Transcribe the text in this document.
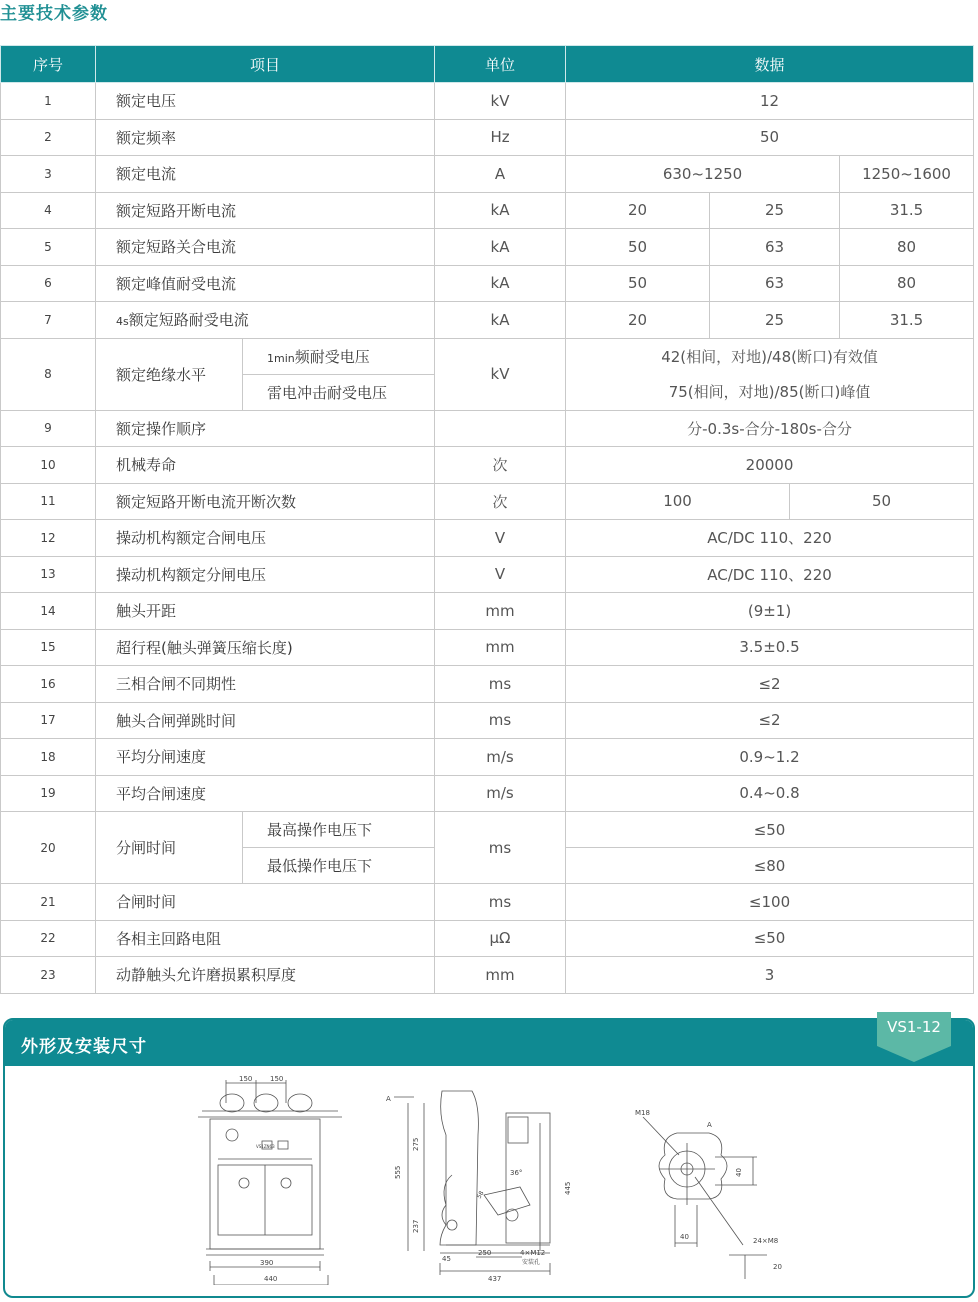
主要技术参数
序号	项目		单位	数据			
1	额定电压		kV	12			
2	额定频率		Hz	50			
3	额定电流		A	630~1250			1250~1600
4	额定短路开断电流		kA	20	25		31.5
5	额定短路关合电流		kA	50	63		80
6	额定峰值耐受电流		kA	50	63		80
7	4s额定短路耐受电流		kA	20	25		31.5
8	额定绝缘水平	1min频耐受电压	kV	42(相间，对地)/48(断口)有效值			
		雷电冲击耐受电压		75(相间，对地)/85(断口)峰值			
9	额定操作顺序			分-0.3s-合分-180s-合分			
10	机械寿命		次	20000			
11	额定短路开断电流开断次数		次	100		50	
12	操动机构额定合闸电压		V	AC/DC 110、220			
13	操动机构额定分闸电压		V	AC/DC 110、220			
14	触头开距		mm	(9±1)			
15	超行程(触头弹簧压缩长度)		mm	3.5±0.5			
16	三相合闸不同期性		ms	≤2			
17	触头合闸弹跳时间		ms	≤2			
18	平均分闸速度		m/s	0.9~1.2			
19	平均合闸速度		m/s	0.4~0.8			
20	分闸时间	最高操作电压下	ms	≤50			
		最低操作电压下		≤80			
21	合闸时间		ms	≤100			
22	各相主回路电阻		μΩ	≤50			
23	动静触头允许磨损累积厚度		mm	3			
外形及安装尺寸
VS1-12
150	150
VS1ZN63
390
440
A
555
275
237
445
36°
58
45
250	4×M12
安装孔
437
M18
A
40
40	24×M8
20
